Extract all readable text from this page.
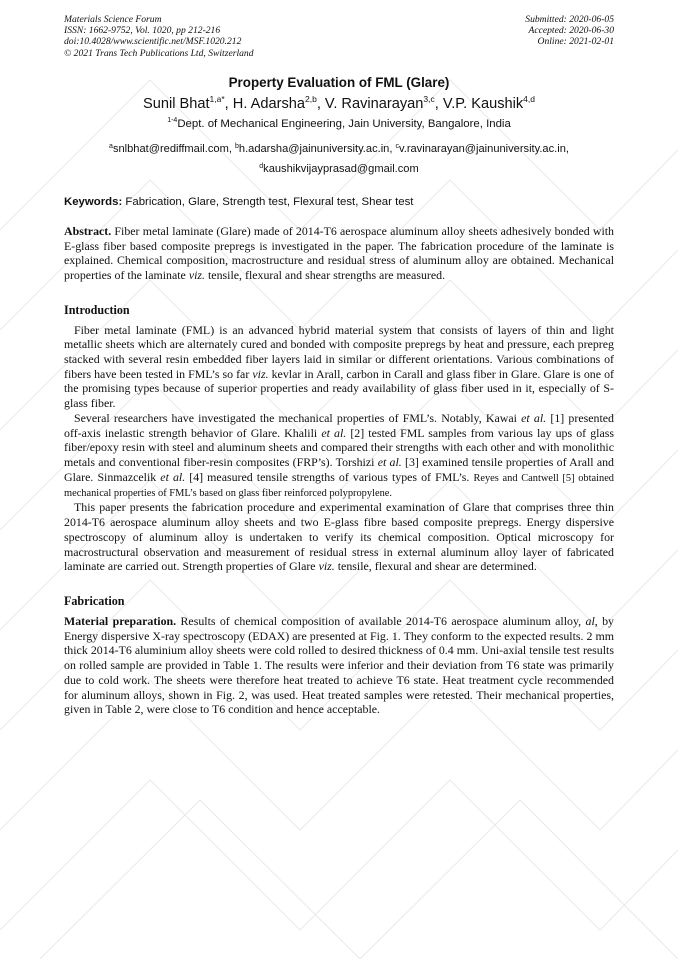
Materials Science Forum
ISSN: 1662-9752, Vol. 1020, pp 212-216
doi:10.4028/www.scientific.net/MSF.1020.212
© 2021 Trans Tech Publications Ltd, Switzerland
Submitted: 2020-06-05
Accepted: 2020-06-30
Online: 2021-02-01
Property Evaluation of FML (Glare)
Sunil Bhat$^{1,a*}$, H. Adarsha$^{2,b}$, V. Ravinarayan$^{3,c}$, V.P. Kaushik$^{4,d}$
$^{1-4}$Dept. of Mechanical Engineering, Jain University, Bangalore, India
$^a$snlbhat@rediffmail.com, $^b$h.adarsha@jainuniversity.ac.in, $^c$v.ravinarayan@jainuniversity.ac.in,
$^d$kaushikvijayprasad@gmail.com
Keywords: Fabrication, Glare, Strength test, Flexural test, Shear test

Abstract. Fiber metal laminate (Glare) made of 2014-T6 aerospace aluminum alloy sheets adhesively bonded with E-glass fiber based composite prepregs is investigated in the paper. The fabrication procedure of the laminate is explained. Chemical composition, macrostructure and residual stress of aluminum alloy are obtained. Mechanical properties of the laminate viz. tensile, flexural and shear strengths are measured.

Introduction

Fiber metal laminate (FML) is an advanced hybrid material system that consists of layers of thin and light metallic sheets which are alternately cured and bonded with composite prepregs by heat and pressure, each prepreg stacked with several resin embedded fiber layers laid in similar or different orientations. Various combinations of fibers have been tested in FML’s so far viz. kevlar in Arall, carbon in Carall and glass fiber in Glare. Glare is one of the promising types because of superior properties and ready availability of glass fiber used in it, especially of S-glass fiber.

Several researchers have investigated the mechanical properties of FML’s. Notably, Kawai et al. [1] presented off-axis inelastic strength behavior of Glare. Khalili et al. [2] tested FML samples from various lay ups of glass fiber/epoxy resin with steel and aluminum sheets and compared their strengths with each other and with monolithic metals and conventional fiber-resin composites (FRP’s). Torshizi et al. [3] examined tensile properties of Arall and Glare. Sinmazcelik et al. [4] measured tensile strengths of various types of FML’s. Reyes and Cantwell [5] obtained mechanical properties of FML’s based on glass fiber reinforced polypropylene.

This paper presents the fabrication procedure and experimental examination of Glare that comprises three thin 2014-T6 aerospace aluminum alloy sheets and two E-glass fibre based composite prepregs. Energy dispersive spectroscopy of aluminum alloy is undertaken to verify its chemical composition. Optical microscopy for macrostructural observation and measurement of residual stress in external aluminum alloy layer of fabricated laminate are carried out. Strength properties of Glare viz. tensile, flexural and shear are determined.

Fabrication

Material preparation. Results of chemical composition of available 2014-T6 aerospace aluminum alloy, al, by Energy dispersive X-ray spectroscopy (EDAX) are presented at Fig. 1. They conform to the expected results. 2 mm thick 2014-T6 aluminium alloy sheets were cold rolled to desired thickness of 0.4 mm. Uni-axial tensile test results on rolled sample are provided in Table 1. The results were inferior and their deviation from T6 state was primarily due to cold work. The sheets were therefore heat treated to achieve T6 state. Heat treatment cycle recommended for aluminum alloys, shown in Fig. 2, was used. Heat treated samples were retested. Their mechanical properties, given in Table 2, were close to T6 condition and hence acceptable.
